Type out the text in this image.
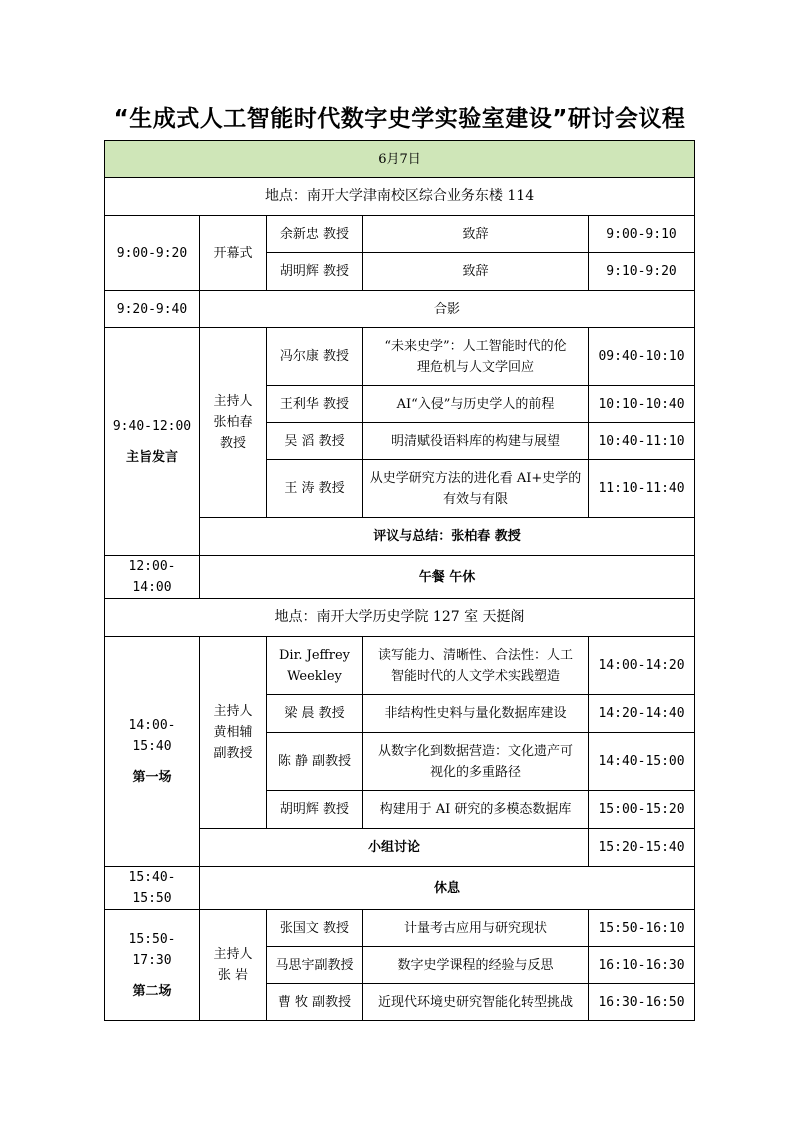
“生成式人工智能时代数字史学实验室建设”研讨会议程
6月7日				
地点：南开大学津南校区综合业务东楼 114				
9:00-9:20	开幕式	余新忠 教授	致辞	9:00-9:10
		胡明辉 教授	致辞	9:10-9:20
9:20-9:40	合影			
9:40-12:00

主旨发言	主持人
张柏春
教授	冯尔康 教授	“未来史学”：人工智能时代的伦
理危机与人文学回应	09:40-10:10
		王利华 教授	AI“入侵”与历史学人的前程	10:10-10:40
		吴 滔 教授	明清赋役语料库的构建与展望	10:40-11:10
		王 涛 教授	从史学研究方法的进化看 AI+史学的
有效与有限	11:10-11:40
	评议与总结：张柏春 教授			
12:00-14:00	午餐 午休			
地点：南开大学历史学院 127 室 天挺阁				
14:00-15:40

第一场	主持人
黄相辅
副教授	Dir. Jeffrey
Weekley	读写能力、清晰性、合法性：人工
智能时代的人文学术实践塑造	14:00-14:20
		梁 晨 教授	非结构性史料与量化数据库建设	14:20-14:40
		陈 静 副教授	从数字化到数据营造：文化遗产可
视化的多重路径	14:40-15:00
		胡明辉 教授	构建用于 AI 研究的多模态数据库	15:00-15:20
	小组讨论			15:20-15:40
15:40-15:50	休息			
15:50-17:30

第二场	主持人
张 岩	张国文 教授	计量考古应用与研究现状	15:50-16:10
		马思宇副教授	数字史学课程的经验与反思	16:10-16:30
		曹 牧 副教授	近现代环境史研究智能化转型挑战	16:30-16:50
